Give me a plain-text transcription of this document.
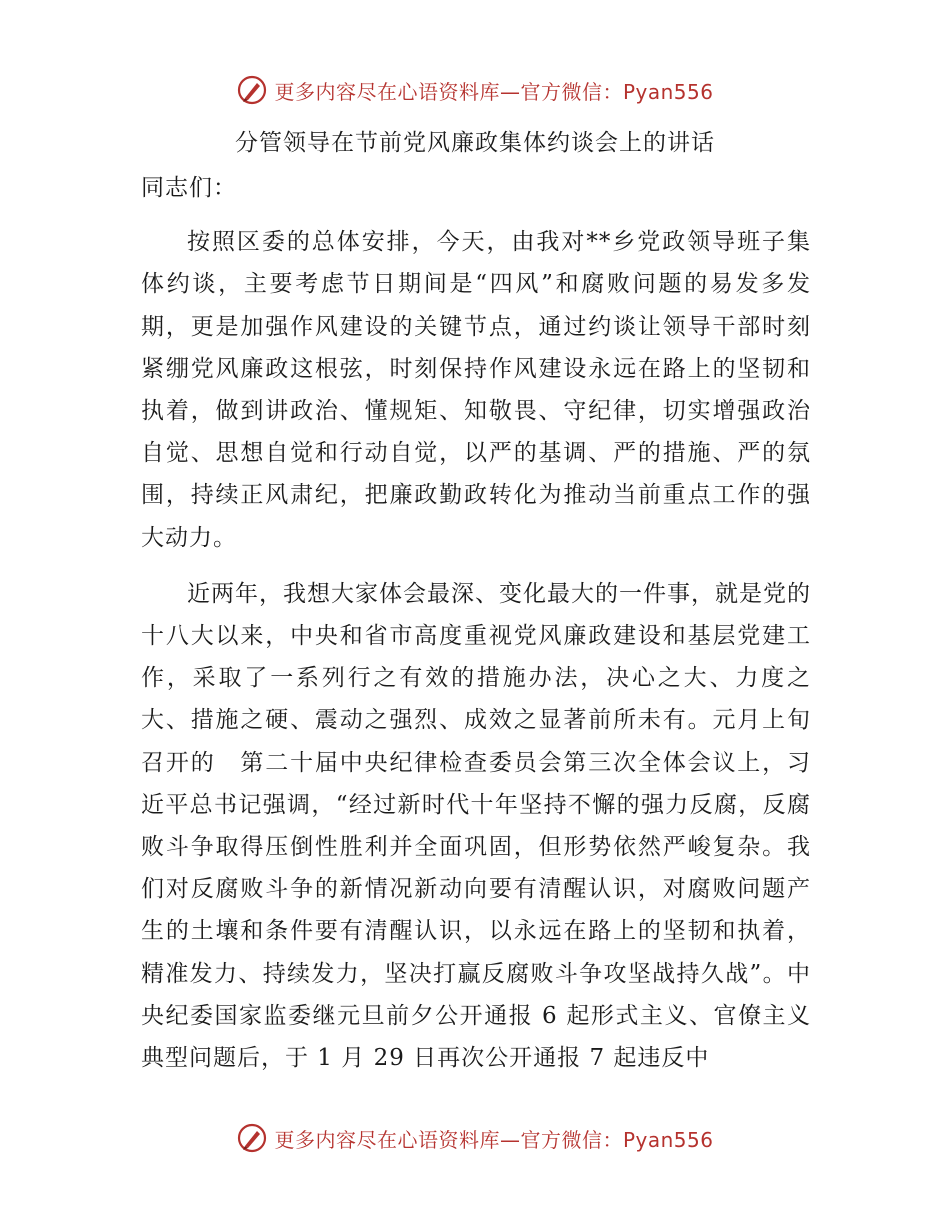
更多内容尽在心语资料库—官方微信：Pyan556
分管领导在节前党风廉政集体约谈会上的讲话

同志们：

按照区委的总体安排，今天，由我对**乡党政领导班子集体约谈，主要考虑节日期间是“四风”和腐败问题的易发多发期，更是加强作风建设的关键节点，通过约谈让领导干部时刻紧绷党风廉政这根弦，时刻保持作风建设永远在路上的坚韧和执着，做到讲政治、懂规矩、知敬畏、守纪律，切实增强政治自觉、思想自觉和行动自觉，以严的基调、严的措施、严的氛围，持续正风肃纪，把廉政勤政转化为推动当前重点工作的强大动力。

近两年，我想大家体会最深、变化最大的一件事，就是党的十八大以来，中央和省市高度重视党风廉政建设和基层党建工作，采取了一系列行之有效的措施办法，决心之大、力度之大、措施之硬、震动之强烈、成效之显著前所未有。元月上旬召开的　第二十届中央纪律检查委员会第三次全体会议上，习近平总书记强调，“经过新时代十年坚持不懈的强力反腐，反腐败斗争取得压倒性胜利并全面巩固，但形势依然严峻复杂。我们对反腐败斗争的新情况新动向要有清醒认识，对腐败问题产生的土壤和条件要有清醒认识，以永远在路上的坚韧和执着，精准发力、持续发力，坚决打赢反腐败斗争攻坚战持久战”。中央纪委国家监委继元旦前夕公开通报 6 起形式主义、官僚主义典型问题后，于 1 月 29 日再次公开通报 7 起违反中

更多内容尽在心语资料库—官方微信：Pyan556
